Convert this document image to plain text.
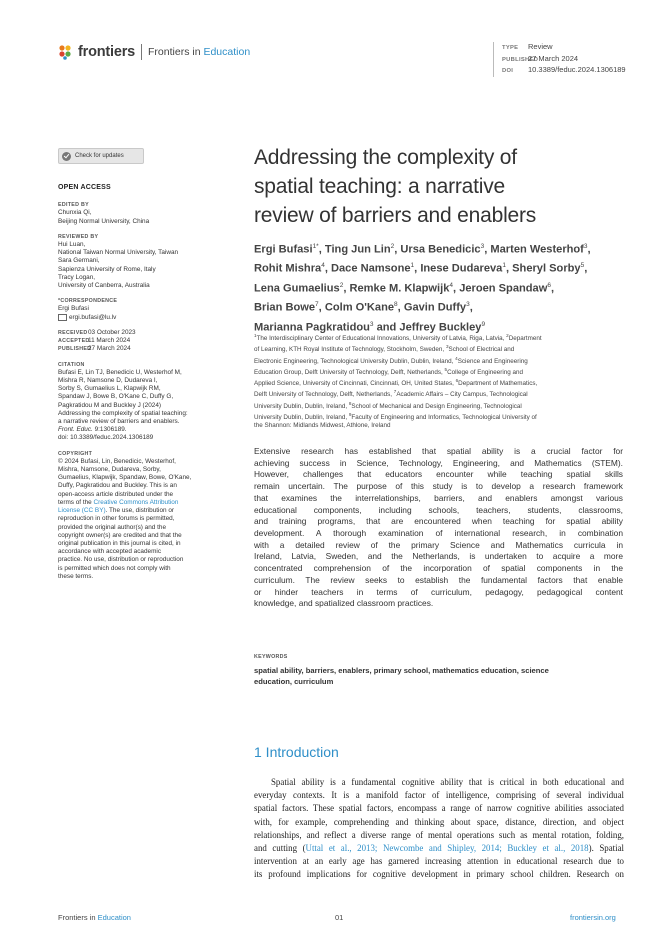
frontiers Frontiers in Education	TYPE Review
PUBLISHED27 March 2024
DOI 10.3389/feduc.2024.1306189
Check for updates
OPEN ACCESS
EDITED BY
Chunxia Qi,
Beijing Normal University, China
REVIEWED BY
Hui Luan,
National Taiwan Normal University, Taiwan
Sara Germani,
Sapienza University of Rome, Italy
Tracy Logan,
University of Canberra, Australia
*CORRESPONDENCE
Ergi Bufasi
ergi.bufasi@lu.lv
RECEIVED03 October 2023
ACCEPTED11 March 2024
PUBLISHED27 March 2024
CITATION
Bufasi E, Lin TJ, Benedicic U, Westerhof M,
Mishra R, Namsone D, Dudareva I,
Sorby S, Gumaelius L, Klapwijk RM,
Spandaw J, Bowe B, O'Kane C, Duffy G,
Pagkratidou M and Buckley J (2024)
Addressing the complexity of spatial teaching:
a narrative review of barriers and enablers.
Front. Educ. 9:1306189.
doi: 10.3389/feduc.2024.1306189
COPYRIGHT
© 2024 Bufasi, Lin, Benedicic, Westerhof,
Mishra, Namsone, Dudareva, Sorby,
Gumaelius, Klapwijk, Spandaw, Bowe, O'Kane,
Duffy, Pagkratidou and Buckley. This is an
open-access article distributed under the
terms of the Creative Commons Attribution
License (CC BY). The use, distribution or
reproduction in other forums is permitted,
provided the original author(s) and the
copyright owner(s) are credited and that the
original publication in this journal is cited, in
accordance with accepted academic
practice. No use, distribution or reproduction
is permitted which does not comply with
these terms.
Addressing the complexity of
spatial teaching: a narrative
review of barriers and enablers
Ergi Bufasi$^{1*}$, Ting Jun Lin$^2$, Ursa Benedicic$^3$, Marten Westerhof$^3$,
Rohit Mishra$^4$, Dace Namsone$^1$, Inese Dudareva$^1$, Sheryl Sorby$^5$,
Lena Gumaelius$^2$, Remke M. Klapwijk$^4$, Jeroen Spandaw$^6$,
Brian Bowe$^7$, Colm O'Kane$^8$, Gavin Duffy$^3$,
Marianna Pagkratidou$^3$ and Jeffrey Buckley$^9$
$^1$The Interdisciplinary Center of Educational Innovations, University of Latvia, Riga, Latvia, $^2$Department
of Learning, KTH Royal Institute of Technology, Stockholm, Sweden, $^3$School of Electrical and
Electronic Engineering, Technological University Dublin, Dublin, Ireland, $^4$Science and Engineering
Education Group, Delft University of Technology, Delft, Netherlands, $^5$College of Engineering and
Applied Science, University of Cincinnati, Cincinnati, OH, United States, $^6$Department of Mathematics,
Delft University of Technology, Delft, Netherlands, $^7$Academic Affairs – City Campus, Technological
University Dublin, Dublin, Ireland, $^8$School of Mechanical and Design Engineering, Technological
University Dublin, Dublin, Ireland, $^9$Faculty of Engineering and Informatics, Technological University of
the Shannon: Midlands Midwest, Athlone, Ireland
Extensive research has established that spatial ability is a crucial factor for
achieving success in Science, Technology, Engineering, and Mathematics (STEM).
However, challenges that educators encounter while teaching spatial skills
remain uncertain. The purpose of this study is to develop a research framework
that examines the interrelationships, barriers, and enablers amongst various
educational components, including schools, teachers, students, classrooms,
and training programs, that are encountered when teaching for spatial ability
development. A thorough examination of international research, in combination
with a detailed review of the primary Science and Mathematics curricula in
Ireland, Latvia, Sweden, and the Netherlands, is undertaken to acquire a more
concentrated comprehension of the incorporation of spatial components in the
curriculum. The review seeks to establish the fundamental factors that enable
or hinder teachers in terms of curriculum, pedagogy, pedagogical content
knowledge, and spatialized classroom practices.
KEYWORDS
spatial ability, barriers, enablers, primary school, mathematics education, science
education, curriculum
1 Introduction
Spatial ability is a fundamental cognitive ability that is critical in both educational and
everyday contexts. It is a manifold factor of intelligence, comprising of several individual
spatial factors. These spatial factors, encompass a range of narrow cognitive abilities associated
with, for example, comprehending and thinking about space, distance, direction, and object
relationships, and reflect a diverse range of mental operations such as mental rotation, folding,
and cutting (Uttal et al., 2013; Newcombe and Shipley, 2014; Buckley et al., 2018). Spatial
intervention at an early age has garnered increasing attention in educational research due to
its profound implications for cognitive development in primary school children. Research on
Frontiers in Education	01	frontiersin.org
